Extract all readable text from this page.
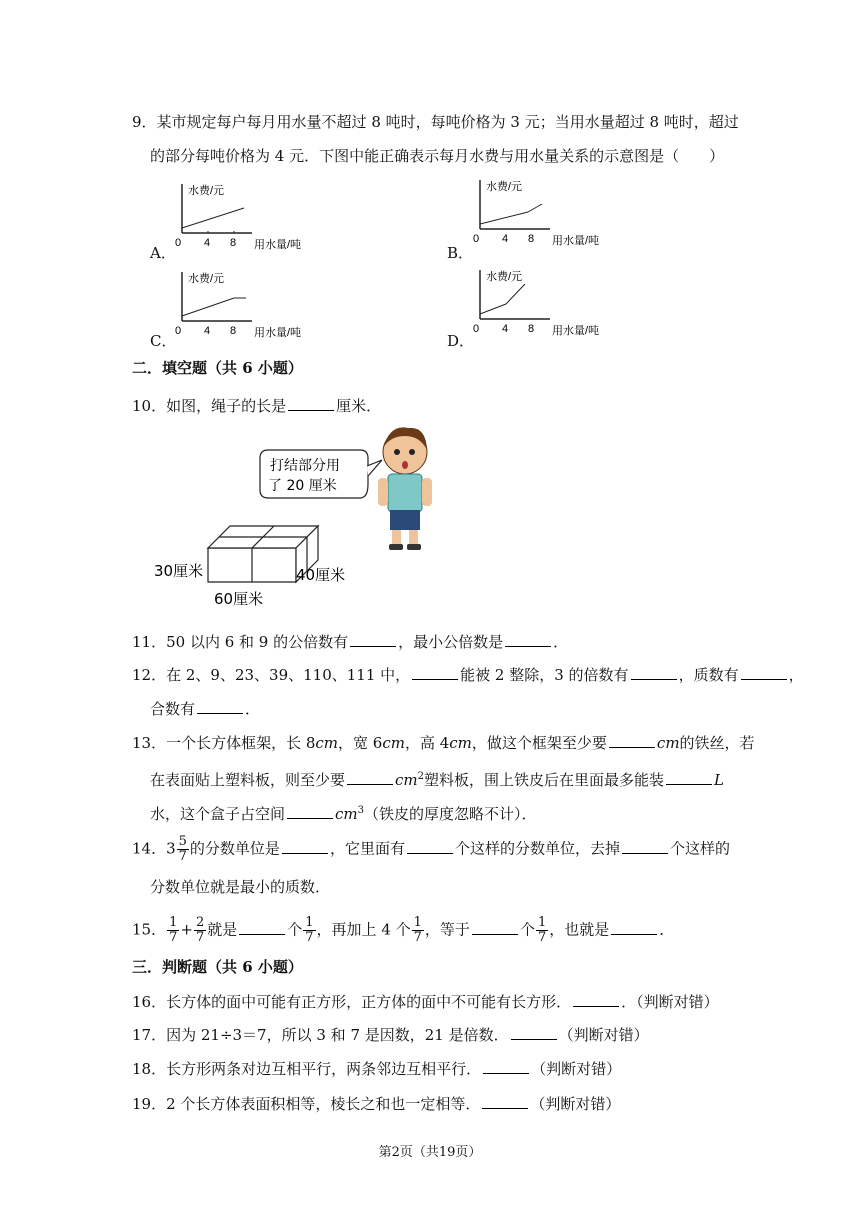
9．某市规定每户每月用水量不超过 8 吨时，每吨价格为 3 元；当用水量超过 8 吨时，超过
的部分每吨价格为 4 元．下图中能正确表示每月水费与用水量关系的示意图是（　　）
A．
水费/元
0 4 8 用水量/吨	B．
水费/元
0 4 8 用水量/吨
C．
水费/元
0 4 8 用水量/吨	D．
水费/元
0 4 8 用水量/吨
二．填空题（共 6 小题）
10．如图，绳子的长是	厘米．
打结部分用
了 20 厘米
30厘米	40厘米
60厘米
11．50 以内 6 和 9 的公倍数有	，最小公倍数是	．
12．在 2、9、23、39、110、111 中，	能被 2 整除，3 的倍数有	，质数有	，
合数有	．
13．一个长方体框架，长 8cm，宽 6cm，高 4cm，做这个框架至少要	cm的铁丝，若
在表面贴上塑料板，则至少要	$cm^2$塑料板，围上铁皮后在里面最多能装	L
水，这个盒子占空间	$cm^3$（铁皮的厚度忽略不计）．
14．$3 \frac{5}{7}$ 的分数单位是	，它里面有	个这样的分数单位，去掉	个这样的
分数单位就是最小的质数．
15． $\frac{1}{7} + \frac{2}{7}$ 就是	个 $\frac{1}{7}$ ，再加上 4 个 $\frac{1}{7}$ ，等于	个 $\frac{1}{7}$ ，也就是	．
三．判断题（共 6 小题）
16．长方体的面中可能有正方形，正方体的面中不可能有长方形．	．（判断对错）
17．因为 21÷3＝7，所以 3 和 7 是因数，21 是倍数．	（判断对错）
18．长方形两条对边互相平行，两条邻边互相平行．	（判断对错）
19．2 个长方体表面积相等，棱长之和也一定相等．	（判断对错）
第2页（共19页）
